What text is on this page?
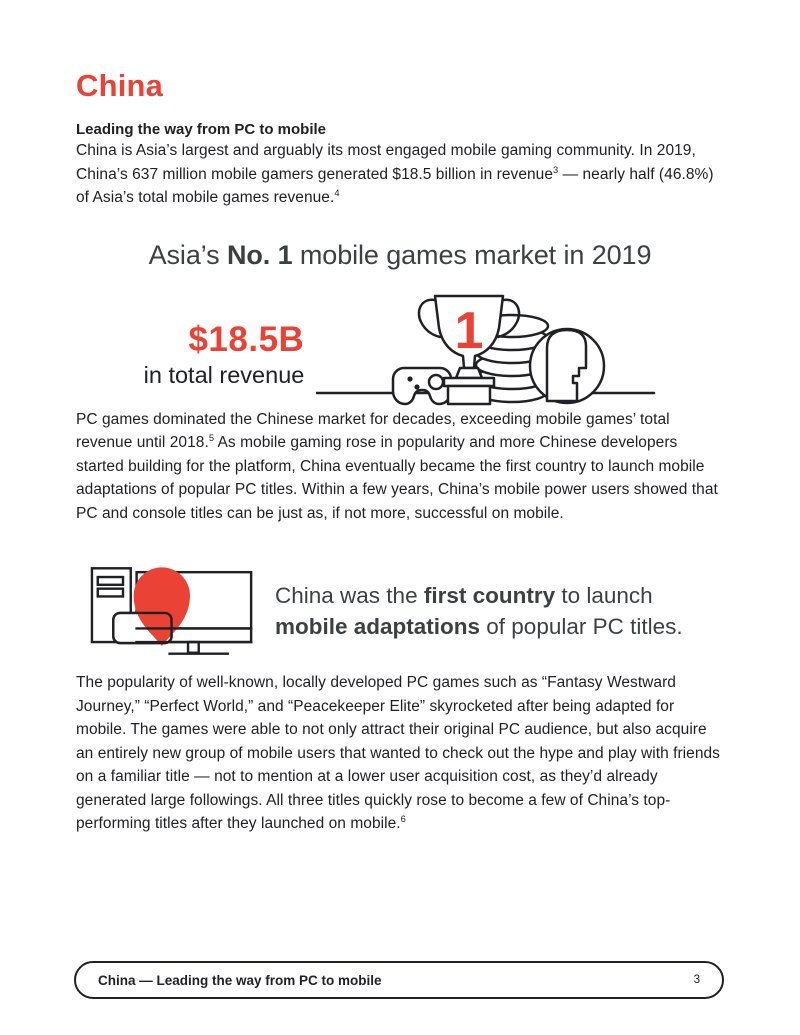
China
Leading the way from PC to mobile

China is Asia’s largest and arguably its most engaged mobile gaming community. In 2019, China’s 637 million mobile gamers generated $18.5 billion in revenue$^3$ — nearly half (46.8%) of Asia’s total mobile games revenue.$^4$

Asia’s No. 1 mobile games market in 2019
$18.5B
in total revenue
1

PC games dominated the Chinese market for decades, exceeding mobile games’ total revenue until 2018.$^5$ As mobile gaming rose in popularity and more Chinese developers started building for the platform, China eventually became the first country to launch mobile adaptations of popular PC titles. Within a few years, China’s mobile power users showed that PC and console titles can be just as, if not more, successful on mobile.

China was the first country to launch
mobile adaptations of popular PC titles.

The popularity of well-known, locally developed PC games such as “Fantasy Westward Journey,” “Perfect World,” and “Peacekeeper Elite” skyrocketed after being adapted for mobile. The games were able to not only attract their original PC audience, but also acquire an entirely new group of mobile users that wanted to check out the hype and play with friends on a familiar title — not to mention at a lower user acquisition cost, as they’d already generated large followings. All three titles quickly rose to become a few of China’s top-performing titles after they launched on mobile.$^6$

China — Leading the way from PC to mobile	3
